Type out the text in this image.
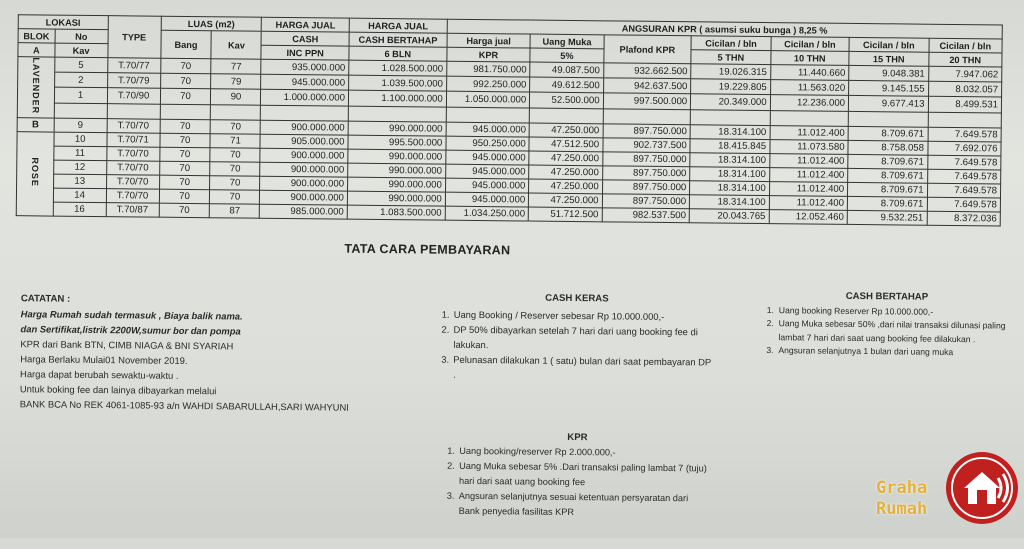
LOKASI		TYPE	LUAS (m2)		HARGA JUAL	HARGA JUAL	ANGSURAN KPR ( asumsi suku bunga ) 8,25 %						
BLOK	No		Bang	Kav	CASH	CASH BERTAHAP	Harga jual	Uang Muka	Plafond KPR	Cicilan / bln	Cicilan / bln	Cicilan / bln	Cicilan / bln
A	Kav				INC PPN	6 BLN	KPR	5%		5 THN	10 THN	15 THN	20 THN
LAVENDER	5	T.70/77	70	77	935.000.000	1.028.500.000	981.750.000	49.087.500	932.662.500	19.026.315	11.440.660	9.048.381	7.947.062
	2	T.70/79	70	79	945.000.000	1.039.500.000	992.250.000	49.612.500	942.637.500	19.229.805	11.563.020	9.145.155	8.032.057
	1	T.70/90	70	90	1.000.000.000	1.100.000.000	1.050.000.000	52.500.000	997.500.000	20.349.000	12.236.000	9.677.413	8.499.531

B	9	T.70/70	70	70	900.000.000	990.000.000	945.000.000	47.250.000	897.750.000	18.314.100	11.012.400	8.709.671	7.649.578
ROSE	10	T.70/71	70	71	905.000.000	995.500.000	950.250.000	47.512.500	902.737.500	18.415.845	11.073.580	8.758.058	7.692.076
	11	T.70/70	70	70	900.000.000	990.000.000	945.000.000	47.250.000	897.750.000	18.314.100	11.012.400	8.709.671	7.649.578
	12	T.70/70	70	70	900.000.000	990.000.000	945.000.000	47.250.000	897.750.000	18.314.100	11.012.400	8.709.671	7.649.578
	13	T.70/70	70	70	900.000.000	990.000.000	945.000.000	47.250.000	897.750.000	18.314.100	11.012.400	8.709.671	7.649.578
	14	T.70/70	70	70	900.000.000	990.000.000	945.000.000	47.250.000	897.750.000	18.314.100	11.012.400	8.709.671	7.649.578
	16	T.70/87	70	87	985.000.000	1.083.500.000	1.034.250.000	51.712.500	982.537.500	20.043.765	12.052.460	9.532.251	8.372.036
TATA CARA PEMBAYARAN
CATATAN :
Harga Rumah sudah termasuk , Biaya balik nama.
dan Sertifikat,listrik 2200W,sumur bor dan pompa
KPR dari Bank BTN, CIMB NIAGA & BNI SYARIAH
Harga Berlaku Mulai01 November 2019.
Harga dapat berubah sewaktu-waktu .
Untuk boking fee dan lainya dibayarkan melalui
BANK BCA No REK 4061-1085-93 a/n WAHDI SABARULLAH,SARI WAHYUNI
CASH KERAS
1. Uang Booking / Reserver sebesar Rp 10.000.000,-
2. DP 50% dibayarkan setelah 7 hari dari uang booking fee di lakukan.
3. Pelunasan dilakukan 1 ( satu) bulan dari saat pembayaran DP .
CASH BERTAHAP
1. Uang booking Reserver Rp 10.000.000,-
2. Uang Muka sebesar 50% ,dari nilai transaksi dilunasi paling lambat 7 hari dari saat uang booking fee dilakukan .
3. Angsuran selanjutnya 1 bulan dari uang muka
KPR
1. Uang booking/reserver Rp 2.000.000,-
2. Uang Muka sebesar 5% .Dari transaksi paling lambat 7 (tuju) hari dari saat uang booking fee
3. Angsuran selanjutnya sesuai ketentuan persyaratan dari Bank penyedia fasilitas KPR
Graha
Rumah
